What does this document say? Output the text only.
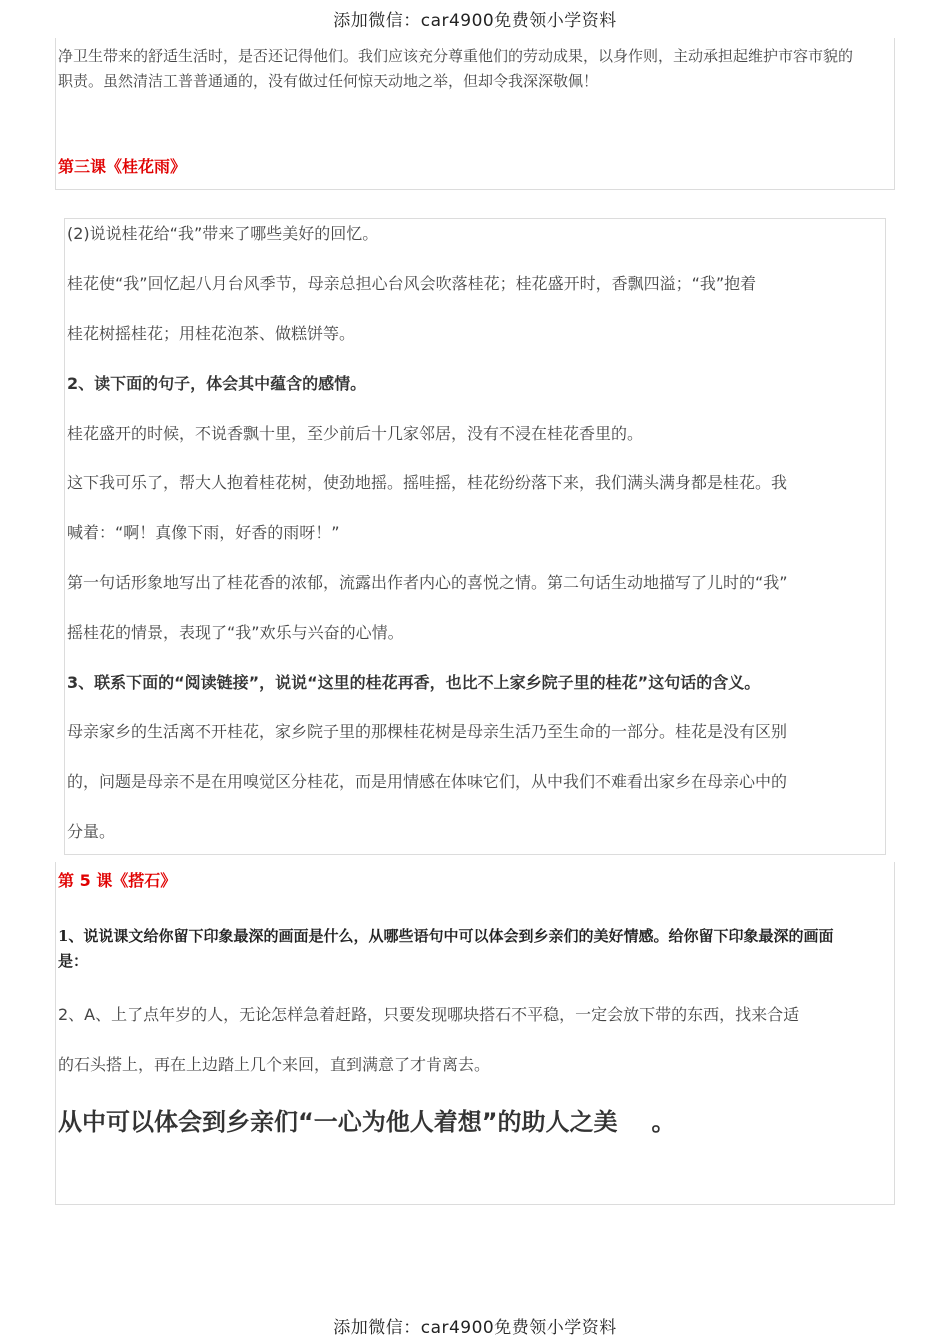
添加微信：car4900免费领小学资料
净卫生带来的舒适生活时，是否还记得他们。我们应该充分尊重他们的劳动成果，以身作则，主动承担起维护市容市貌的职责。虽然清洁工普普通通的，没有做过任何惊天动地之举，但却令我深深敬佩！
第三课《桂花雨》
(2)说说桂花给“我”带来了哪些美好的回忆。
桂花使“我”回忆起八月台风季节，母亲总担心台风会吹落桂花；桂花盛开时，香飘四溢；“我”抱着
桂花树摇桂花；用桂花泡茶、做糕饼等。
2、读下面的句子，体会其中蕴含的感情。
桂花盛开的时候，不说香飘十里，至少前后十几家邻居，没有不浸在桂花香里的。
这下我可乐了，帮大人抱着桂花树，使劲地摇。摇哇摇，桂花纷纷落下来，我们满头满身都是桂花。我
喊着：“啊！真像下雨，好香的雨呀！”
第一句话形象地写出了桂花香的浓郁，流露出作者内心的喜悦之情。第二句话生动地描写了儿时的“我”
摇桂花的情景，表现了“我”欢乐与兴奋的心情。
3、联系下面的“阅读链接”，说说“这里的桂花再香，也比不上家乡院子里的桂花”这句话的含义。
母亲家乡的生活离不开桂花，家乡院子里的那棵桂花树是母亲生活乃至生命的一部分。桂花是没有区别
的，问题是母亲不是在用嗅觉区分桂花，而是用情感在体味它们，从中我们不难看出家乡在母亲心中的
分量。
第 5 课《搭石》
1、说说课文给你留下印象最深的画面是什么，从哪些语句中可以体会到乡亲们的美好情感。给你留下印象最深的画面是：
2、A、上了点年岁的人，无论怎样急着赶路，只要发现哪块搭石不平稳，一定会放下带的东西，找来合适
的石头搭上，再在上边踏上几个来回，直到满意了才肯离去。
从中可以体会到乡亲们“一心为他人着想”的助人之美 。
添加微信：car4900免费领小学资料
